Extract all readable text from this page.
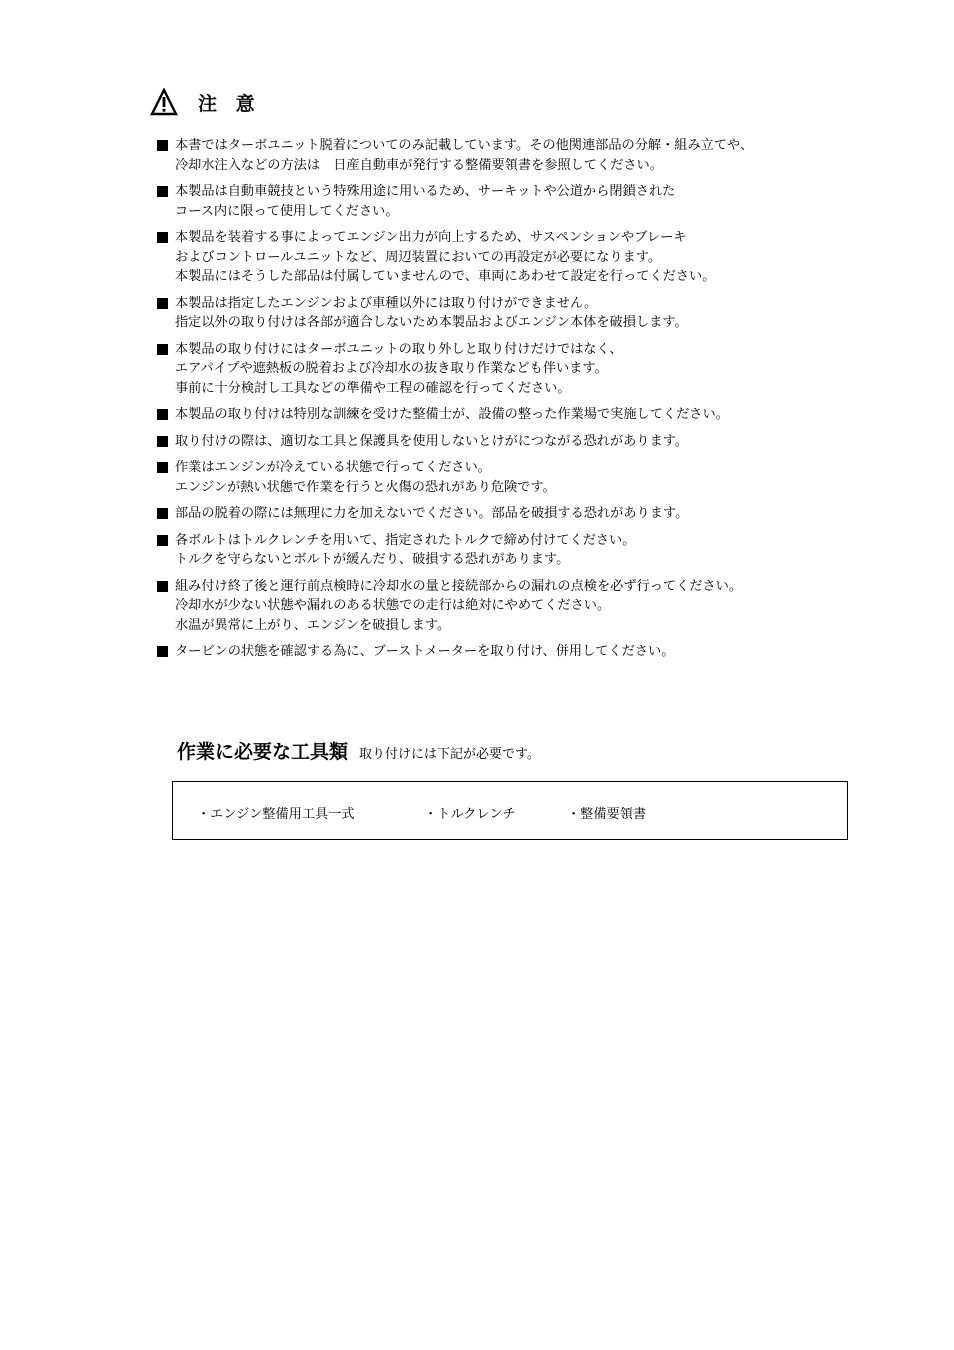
注 意
本書ではターボユニット脱着についてのみ記載しています。その他関連部品の分解・組み立てや、
冷却水注入などの方法は　日産自動車が発行する整備要領書を参照してください。
本製品は自動車競技という特殊用途に用いるため、サーキットや公道から閉鎖された
コース内に限って使用してください。
本製品を装着する事によってエンジン出力が向上するため、サスペンションやブレーキ
およびコントロールユニットなど、周辺装置においての再設定が必要になります。
本製品にはそうした部品は付属していませんので、車両にあわせて設定を行ってください。
本製品は指定したエンジンおよび車種以外には取り付けができません。
指定以外の取り付けは各部が適合しないため本製品およびエンジン本体を破損します。
本製品の取り付けにはターボユニットの取り外しと取り付けだけではなく、
エアパイプや遮熱板の脱着および冷却水の抜き取り作業なども伴います。
事前に十分検討し工具などの準備や工程の確認を行ってください。
本製品の取り付けは特別な訓練を受けた整備士が、設備の整った作業場で実施してください。
取り付けの際は、適切な工具と保護具を使用しないとけがにつながる恐れがあります。
作業はエンジンが冷えている状態で行ってください。
エンジンが熱い状態で作業を行うと火傷の恐れがあり危険です。
部品の脱着の際には無理に力を加えないでください。部品を破損する恐れがあります。
各ボルトはトルクレンチを用いて、指定されたトルクで締め付けてください。
トルクを守らないとボルトが緩んだり、破損する恐れがあります。
組み付け終了後と運行前点検時に冷却水の量と接続部からの漏れの点検を必ず行ってください。
冷却水が少ない状態や漏れのある状態での走行は絶対にやめてください。
水温が異常に上がり、エンジンを破損します。
タービンの状態を確認する為に、ブーストメーターを取り付け、併用してください。
作業に必要な工具類 取り付けには下記が必要です。
・エンジン整備用工具一式	・トルクレンチ	・整備要領書
